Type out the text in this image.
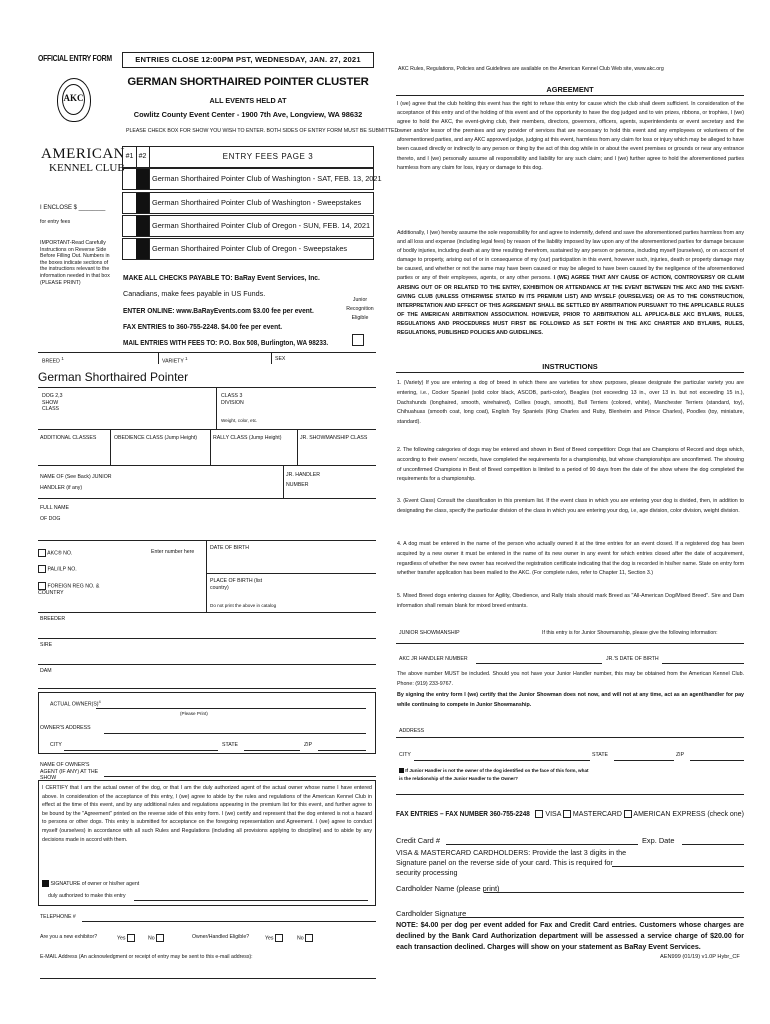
OFFICIAL ENTRY FORM	ENTRIES CLOSE 12:00PM PST, WEDNESDAY, JAN. 27, 2021
AKC
AMERICAN
KENNEL CLUB
GERMAN SHORTHAIRED POINTER CLUSTER
ALL EVENTS HELD AT
Cowlitz County Event Center - 1900 7th Ave, Longview, WA 98632
PLEASE CHECK BOX FOR SHOW YOU WISH TO ENTER. BOTH SIDES OF ENTRY FORM MUST BE SUBMITTED
#1 #2	ENTRY FEES PAGE 3
German Shorthaired Pointer Club of Washington - SAT, FEB. 13, 2021
German Shorthaired Pointer Club of Washington - Sweepstakes
German Shorthaired Pointer Club of Oregon - SUN, FEB. 14, 2021
German Shorthaired Pointer Club of Oregon - Sweepstakes
I ENCLOSE $ ________
for entry fees
IMPORTANT-Read Carefully Instructions on Reverse Side Before Filling Out. Numbers in the boxes indicate sections of the instructions relevant to the information needed in that box (PLEASE PRINT)
MAKE ALL CHECKS PAYABLE TO: BaRay Event Services, Inc.
Canadians, make fees payable in US Funds.
ENTER ONLINE: www.BaRayEvents.com $3.00 fee per event.
FAX ENTRIES to 360-755-2248. $4.00 fee per event.
MAIL ENTRIES WITH FEES TO: P.O. Box 508, Burlington, WA 98233.
Junior Recognition Eligible
BREED $^1$
VARIETY $^1$	SEX
German Shorthaired Pointer
DOG 2,3 SHOW CLASS
CLASS 3 DIVISION
Weight, color, etc.
ADDITIONAL CLASSES	OBEDIENCE CLASS (Jump Height)	RALLY CLASS (Jump Height)	JR. SHOWMANSHIP CLASS
NAME OF (See Back) JUNIOR HANDLER (if any)
JR. HANDLER NUMBER
FULL NAME OF DOG
AKC® NO.
PAL/ILP NO.
FOREIGN REG NO. & COUNTRY
Enter number here
DATE OF BIRTH
PLACE OF BIRTH (list country)
Do not print the above in catalog
BREEDER
SIRE
DAM
ACTUAL $OWNER(S)^4$
(Please Print)
OWNER'S ADDRESS
CITY	STATE	ZIP
NAME OF OWNER'S AGENT (IF ANY) AT THE SHOW
I CERTIFY that I am the actual owner of the dog, or that I am the duly authorized agent of the actual owner whose name I have entered above. In consideration of the acceptance of this entry, I (we) agree to abide by the rules and regulations of the American Kennel Club in effect at the time of this event, and by any additional rules and regulations appearing in the premium list for this event, and further agree to be bound by the "Agreement" printed on the reverse side of this entry form. I (we) certify and represent that the dog entered is not a hazard to persons or other dogs. This entry is submitted for acceptance on the foregoing representation and Agreement. I (we) agree to conduct myself (ourselves) in accordance with all such Rules and Regulations (including all provisions applying to discipline) and to abide by any decisions made in accord with them.
SIGNATURE of owner or his/her agent
duly authorized to make this entry
TELEPHONE #
Are you a new exhibitor?	Yes	No	Owner/Handled Eligible?	Yes	No
E-MAIL Address (An acknowledgment or receipt of entry may be sent to this e-mail address):
AKC Rules, Regulations, Policies and Guidelines are available on the American Kennel Club Web site, www.akc.org
AGREEMENT
I (we) agree that the club holding this event has the right to refuse this entry for cause which the club shall deem sufficient. In consideration of the acceptance of this entry and of the holding of this event and of the opportunity to have the dog judged and to win prizes, ribbons, or trophies, I (we) agree to hold the AKC, the event-giving club, their members, directors, governors, officers, agents, superintendents or event secretary and the owner and/or lessor of the premises and any provider of services that are necessary to hold this event and any employees or volunteers of the aforementioned parties, and any AKC approved judge, judging at this event, harmless from any claim for loss or injury which may be alleged to have been caused directly or indirectly to any person or thing by the act of this dog while in or about the event premises or grounds or near any entrance thereto, and I (we) personally assume all responsibility and liability for any such claim; and I (we) further agree to hold the aforementioned parties harmless from any claim for loss, injury or damage to this dog.
Additionally, I (we) hereby assume the sole responsibility for and agree to indemnify, defend and save the aforementioned parties harmless from any and all loss and expense (including legal fees) by reason of the liability imposed by law upon any of the aforementioned parties for damage because of bodily injuries, including death at any time resulting therefrom, sustained by any person or persons, including myself (ourselves), or on account of damage to property, arising out of or in consequence of my (our) participation in this event, however such, injuries, death or property damage may be caused, and whether or not the same may have been caused or may be alleged to have been caused by the negligence of the aforementioned parties or any of their employees, agents, or any other persons. I (WE) AGREE THAT ANY CAUSE OF ACTION, CONTROVERSY OR CLAIM ARISING OUT OF OR RELATED TO THE ENTRY, EXHIBITION OR ATTENDANCE AT THE EVENT BETWEEN THE AKC AND THE EVENT-GIVING CLUB (UNLESS OTHERWISE STATED IN ITS PREMIUM LIST) AND MYSELF (OURSELVES) OR AS TO THE CONSTRUCTION, INTERPRETATION AND EFFECT OF THIS AGREEMENT SHALL BE SETTLED BY ARBITRATION PURSUANT TO THE APPLICABLE RULES OF THE AMERICAN ARBITRATION ASSOCIATION. HOWEVER, PRIOR TO ARBITRATION ALL APPLICA-BLE AKC BYLAWS, RULES, REGULATIONS AND PROCEDURES MUST FIRST BE FOLLOWED AS SET FORTH IN THE AKC CHARTER AND BYLAWS, RULES, REGULATIONS, PUBLISHED POLICIES AND GUIDELINES.
INSTRUCTIONS
1. (Variety) If you are entering a dog of breed in which there are varieties for show purposes, please designate the particular variety you are entering, i.e., Cocker Spaniel (solid color black, ASCOB, parti-color), Beagles (not exceeding 13 in., over 13 in. but not exceeding 15 in.), Dachshunds (longhaired, smooth, wirehaired), Collies (rough, smooth), Bull Terriers (colored, white), Manchester Terriers (standard, toy), Chihuahuas (smooth coat, long coat), English Toy Spaniels (King Charles and Ruby, Blenheim and Prince Charles), Poodles (toy, miniature, standard).
2. The following categories of dogs may be entered and shown in Best of Breed competition: Dogs that are Champions of Record and dogs which, according to their owners' records, have completed the requirements for a championship, but whose championships are unconfirmed. The showing of unconfirmed Champions in Best of Breed competition is limited to a period of 90 days from the date of the show where the dog completed the requirements for a championship.
3. (Event Class) Consult the classification in this premium list. If the event class in which you are entering your dog is divided, then, in addition to designating the class, specify the particular division of the class in which you are entering your dog, i.e, age division, color division, weight division.
4. A dog must be entered in the name of the person who actually owned it at the time entries for an event closed. If a registered dog has been acquired by a new owner it must be entered in the name of its new owner in any event for which entries closed after the date of acquirement, regardless of whether the new owner has received the registration certificate indicating that the dog is recorded in his/her name. State on entry form whether transfer application has been mailed to the AKC. (For complete rules, refer to Chapter 11, Section 3.)
5. Mixed Breed dogs entering classes for Agility, Obedience, and Rally trials should mark Breed as "All-American Dog/Mixed Breed". Sire and Dam information shall remain blank for mixed breed entrants.
JUNIOR SHOWMANSHIP	If this entry is for Junior Showmanship, please give the following information:
AKC JR HANDLER NUMBER	JR.'S DATE OF BIRTH
The above number MUST be included. Should you not have your Junior Handler number, this may be obtained from the American Kennel Club. Phone: (919) 233-9767.
By signing the entry form I (we) certify that the Junior Showman does not now, and will not at any time, act as an agent/handler for pay while continuing to compete in Junior Showmanship.
ADDRESS
CITY	STATE	ZIP
If Junior Handler is not the owner of the dog identified on the face of this form, what is the relationship of the Junior Handler to the Owner?
FAX ENTRIES – FAX NUMBER 360-755-2248 VISA MASTERCARD AMERICAN EXPRESS (check one)
Credit Card #	Exp. Date
VISA & MASTERCARD CARDHOLDERS: Provide the last 3 digits in the Signature panel on the reverse side of your card. This is required for security processing
Cardholder Name (please print)
Cardholder Signature
NOTE: $4.00 per dog per event added for Fax and Credit Card entries. Customers whose charges are declined by the Bank Card Authorization department will be assessed a service charge of $20.00 for each transaction declined. Charges will show on your statement as BaRay Event Services.
AEN999 (01/19) v1.0P Hybr_CF
